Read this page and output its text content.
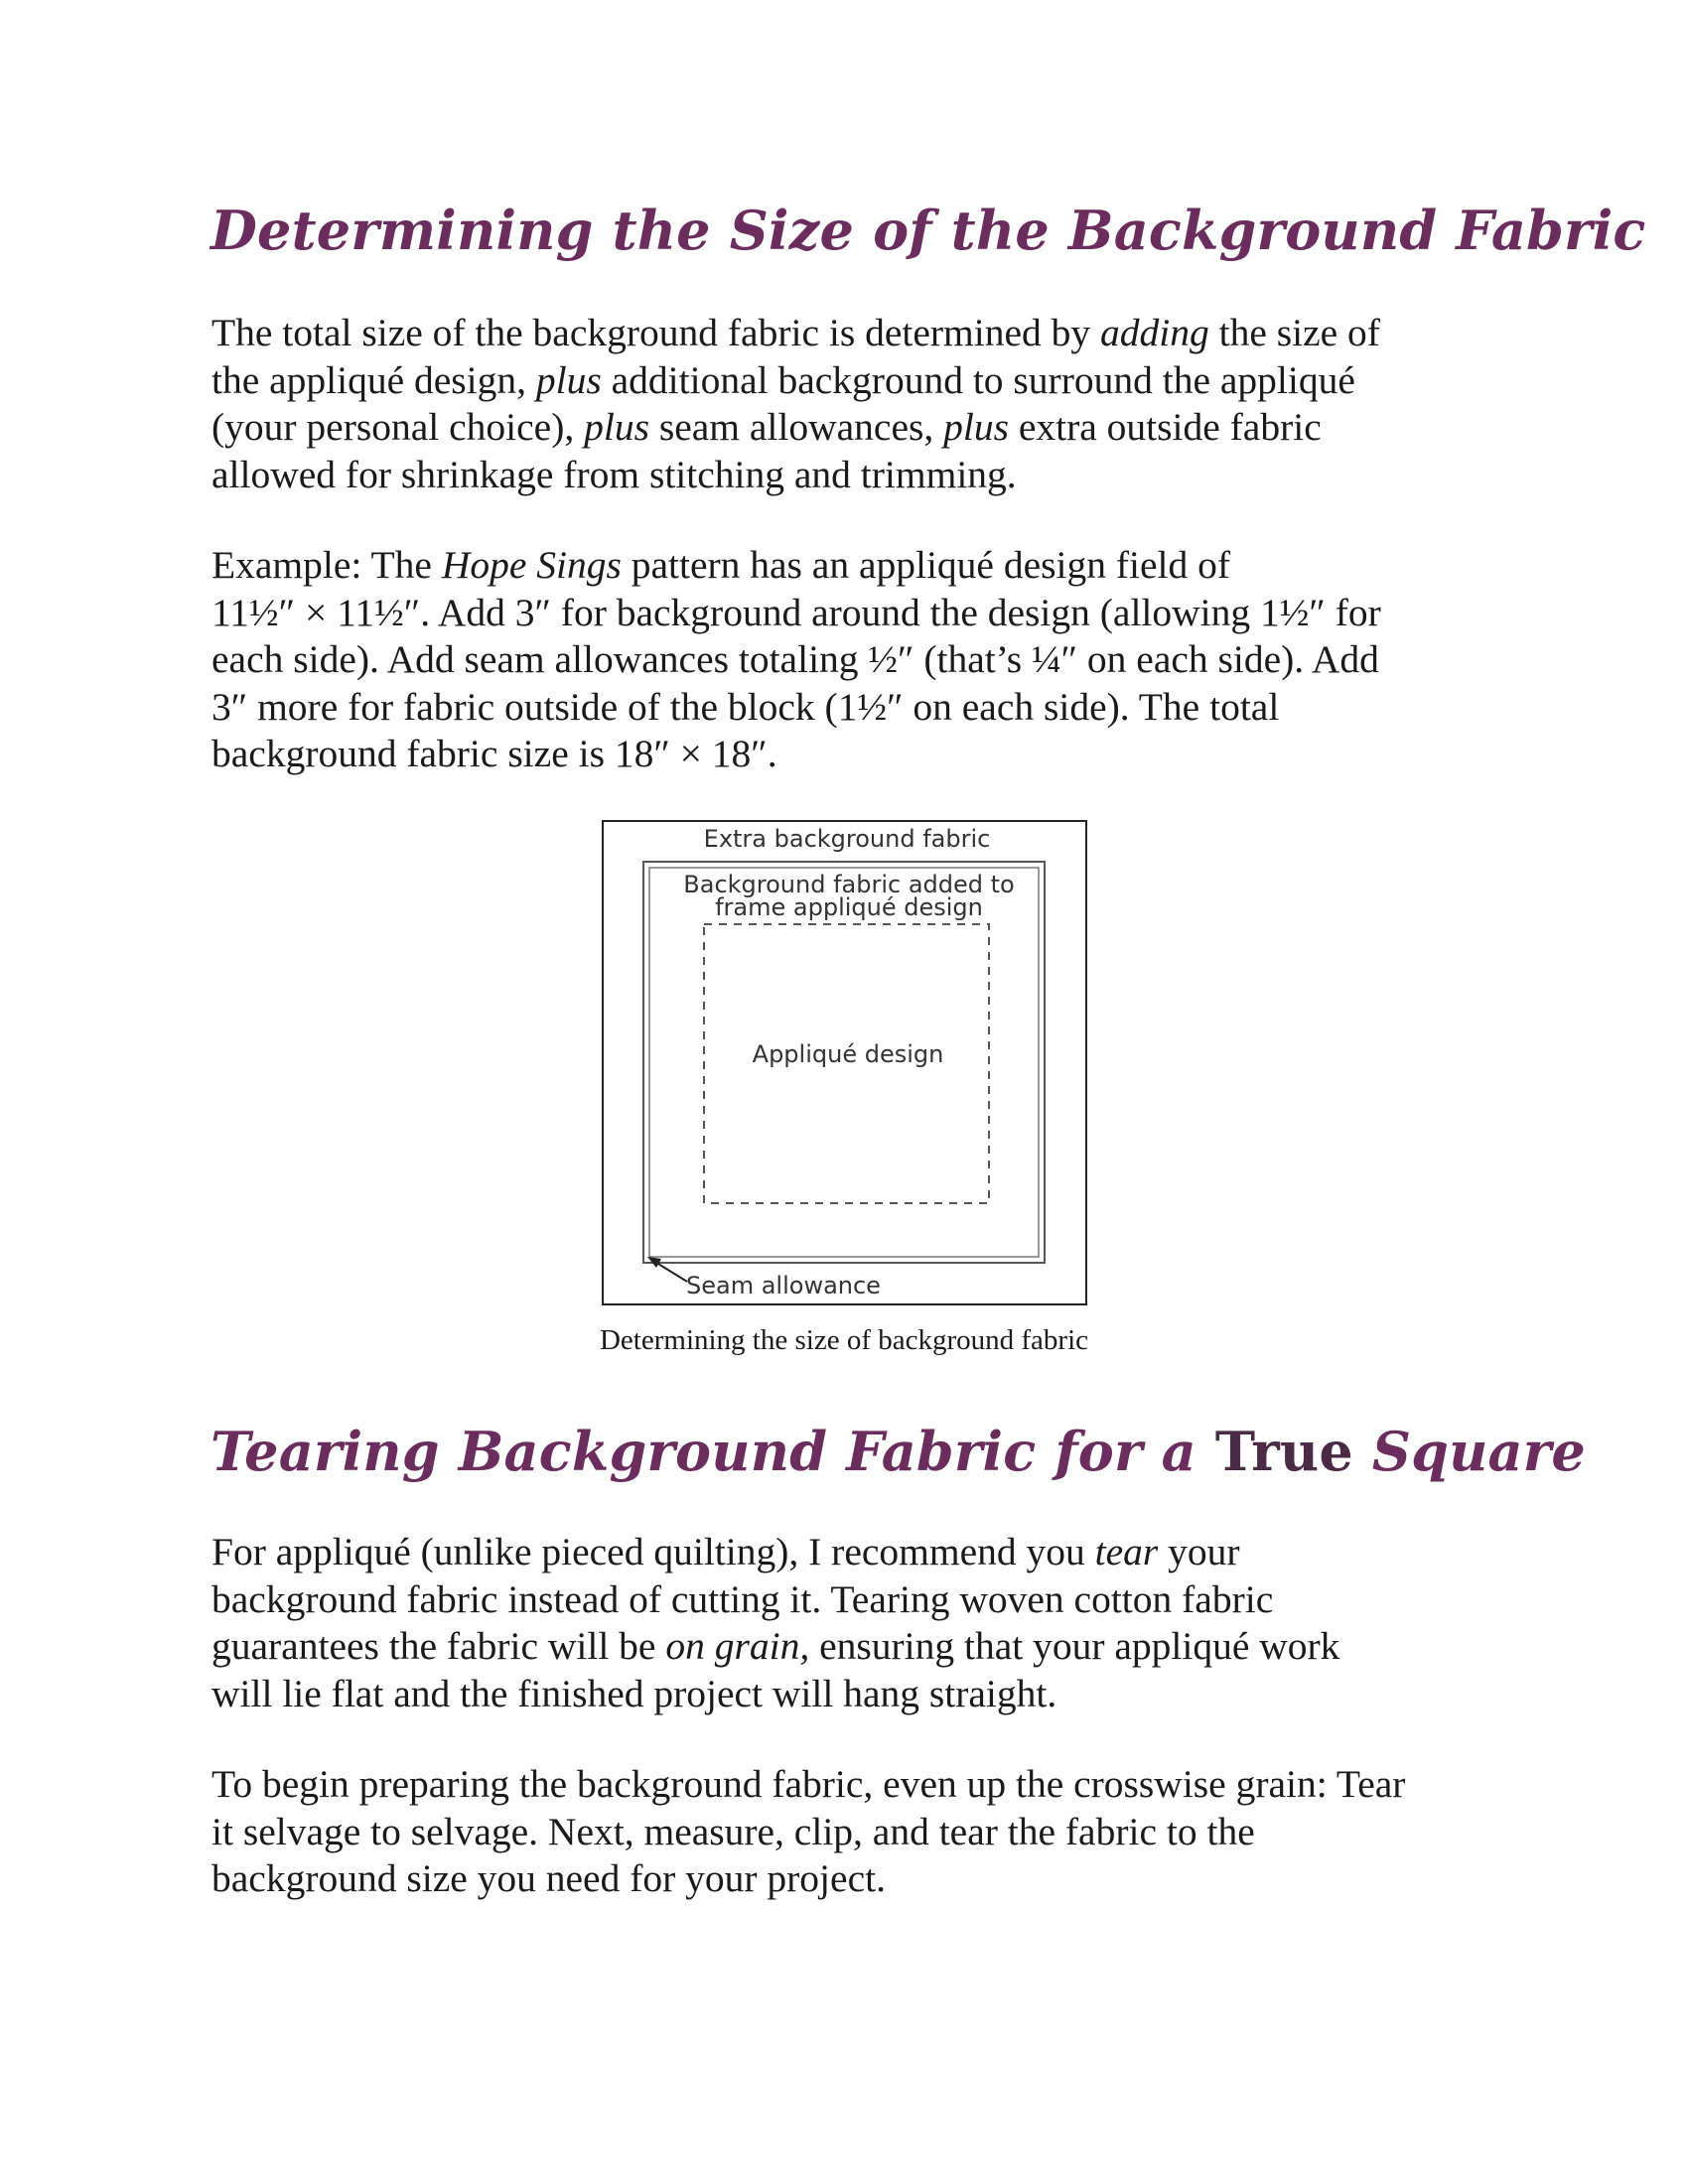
Determining the Size of the Background Fabric

The total size of the background fabric is determined by adding the size of
the appliqué design, plus additional background to surround the appliqué
(your personal choice), plus seam allowances, plus extra outside fabric
allowed for shrinkage from stitching and trimming.

Example: The Hope Sings pattern has an appliqué design field of
11½″ × 11½″. Add 3″ for background around the design (allowing 1½″ for
each side). Add seam allowances totaling ½″ (that’s ¼″ on each side). Add
3″ more for fabric outside of the block (1½″ on each side). The total
background fabric size is 18″ × 18″.

Extra background fabric
Background fabric added to
frame appliqué design
Appliqué design
Seam allowance

Determining the size of background fabric

Tearing Background Fabric for a True Square

For appliqué (unlike pieced quilting), I recommend you tear your
background fabric instead of cutting it. Tearing woven cotton fabric
guarantees the fabric will be on grain, ensuring that your appliqué work
will lie flat and the finished project will hang straight.

To begin preparing the background fabric, even up the crosswise grain: Tear
it selvage to selvage. Next, measure, clip, and tear the fabric to the
background size you need for your project.
